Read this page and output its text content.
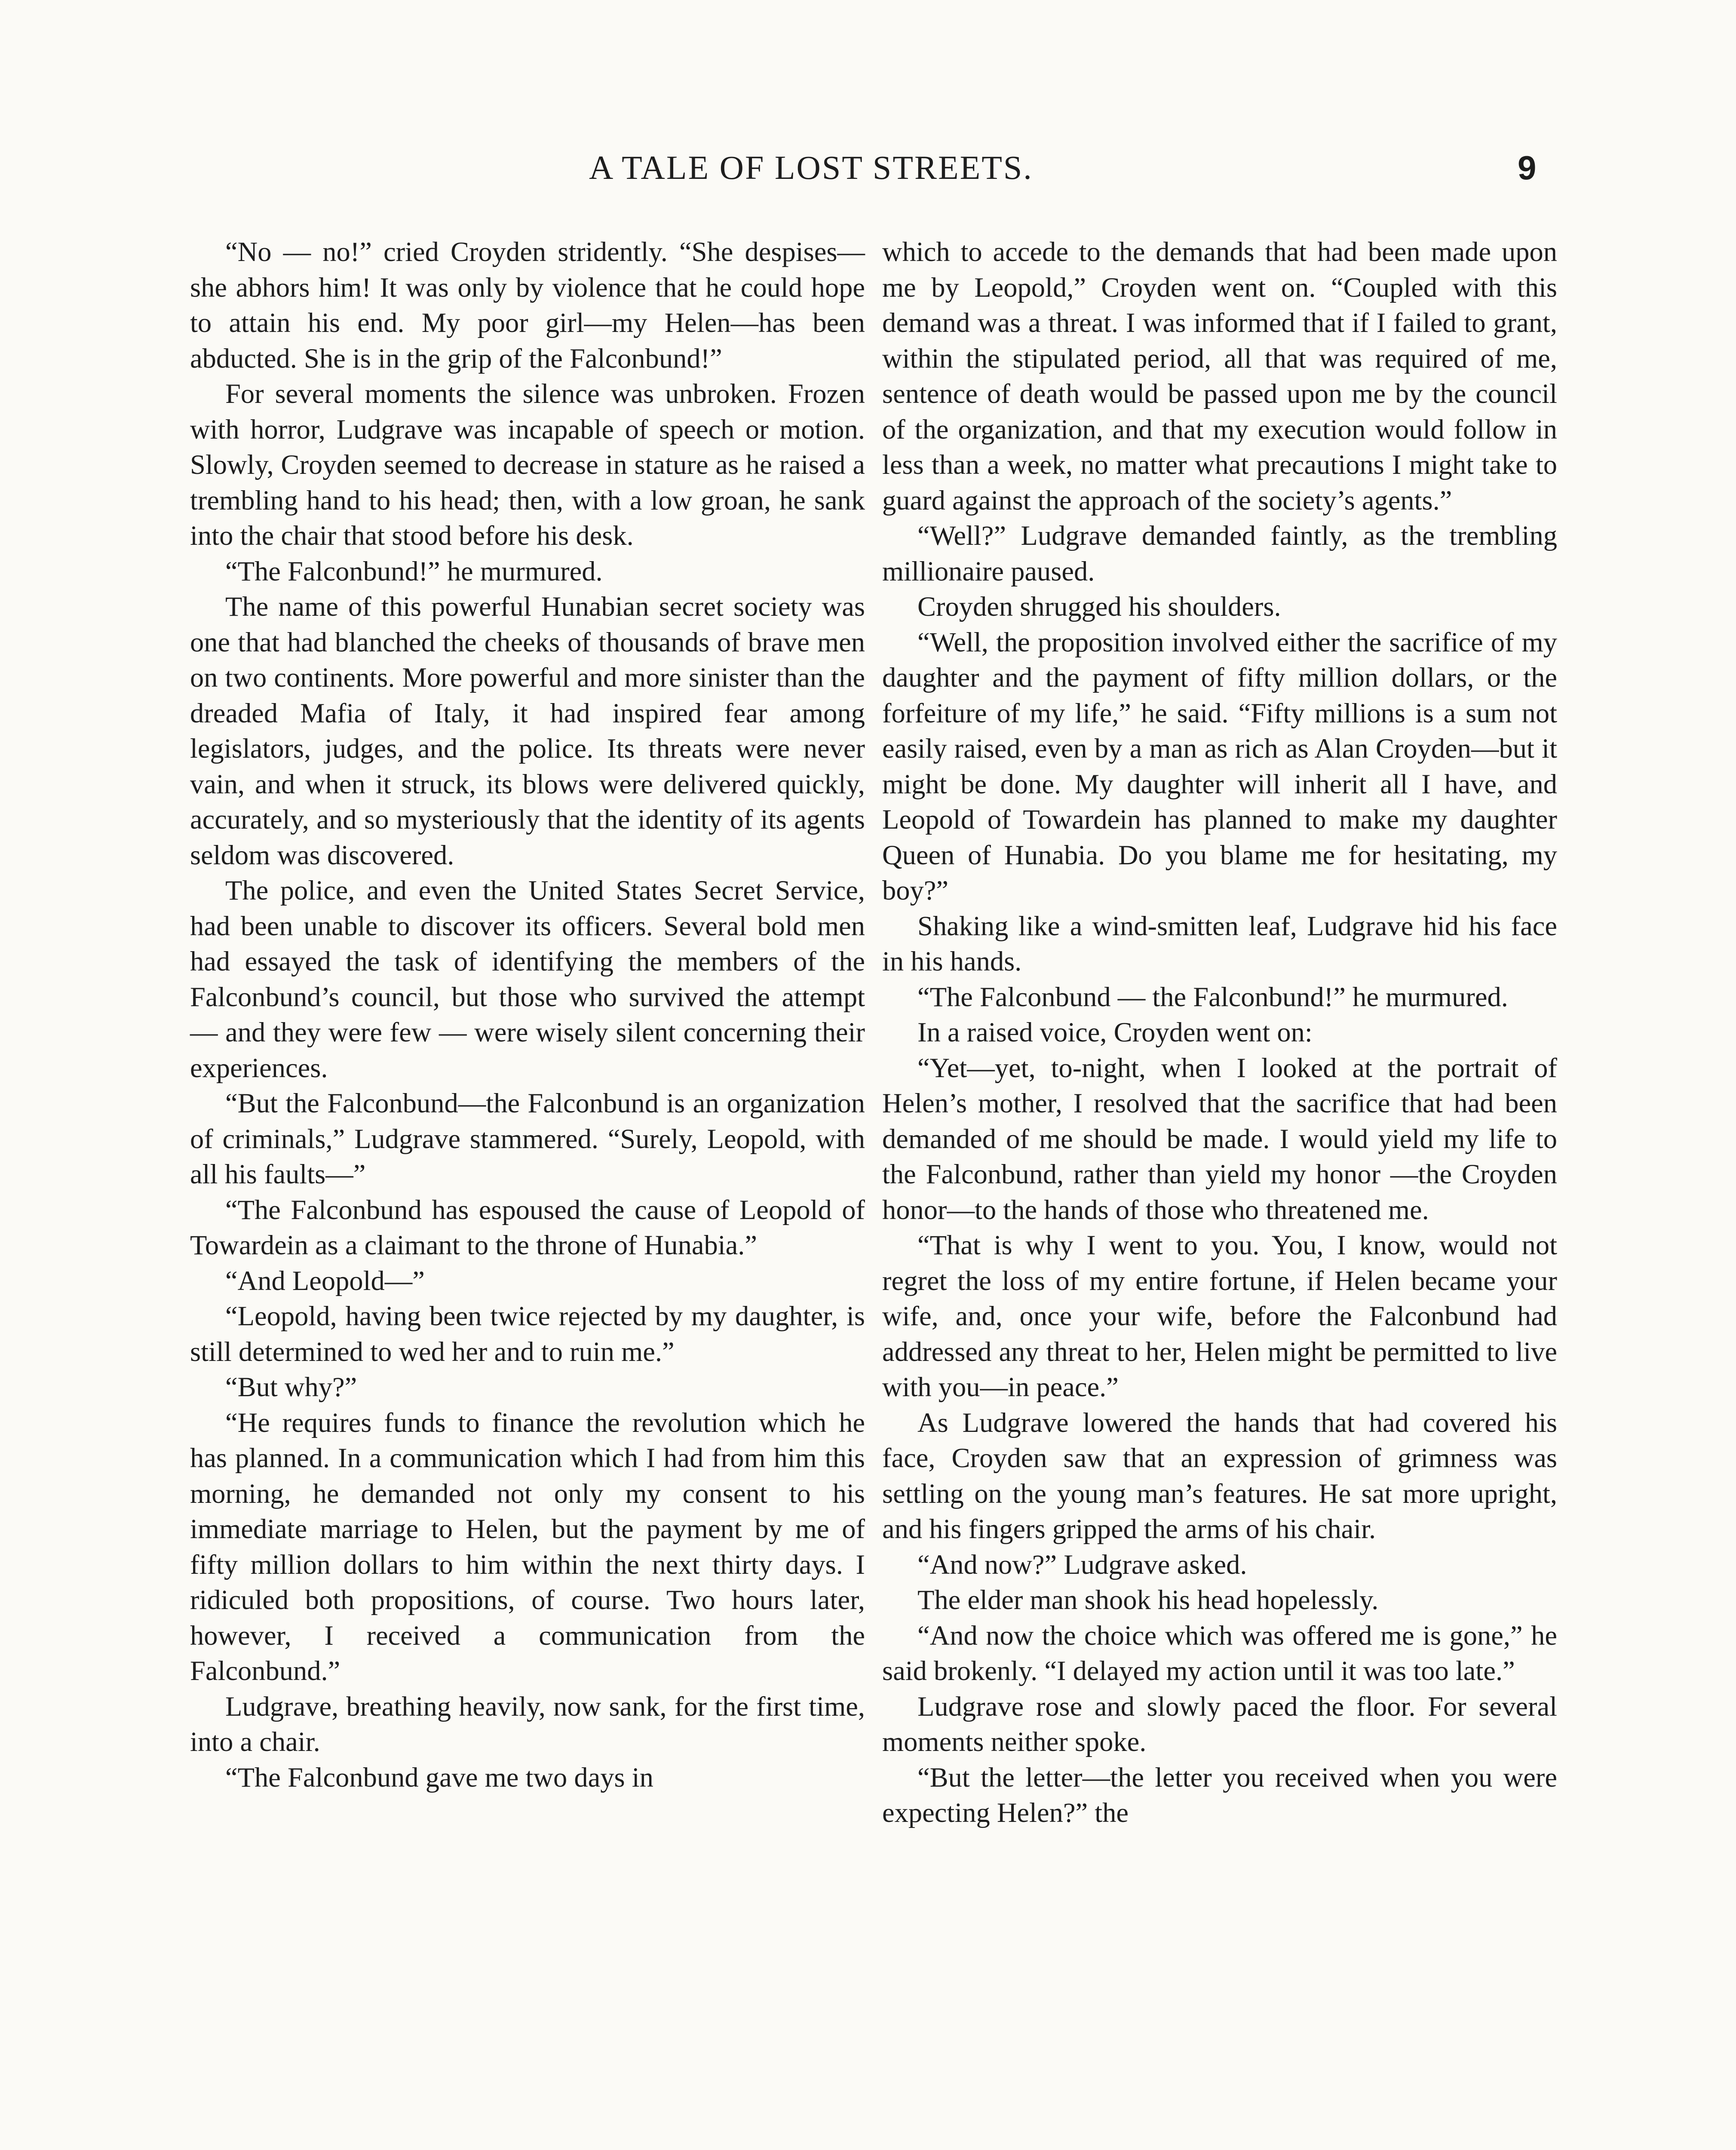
A TALE OF LOST STREETS.	9

“No — no!” cried Croyden stridently. “She despises—she abhors him! It was only by violence that he could hope to attain his end. My poor girl—my Helen—has been abducted. She is in the grip of the Falconbund!”

For several moments the silence was unbroken. Frozen with horror, Ludgrave was incapable of speech or motion. Slowly, Croyden seemed to decrease in stature as he raised a trembling hand to his head; then, with a low groan, he sank into the chair that stood before his desk.

“The Falconbund!” he murmured.

The name of this powerful Hunabian secret society was one that had blanched the cheeks of thousands of brave men on two continents. More powerful and more sinister than the dreaded Mafia of Italy, it had inspired fear among legislators, judges, and the police. Its threats were never vain, and when it struck, its blows were delivered quickly, accurately, and so mysteriously that the identity of its agents seldom was discovered.

The police, and even the United States Secret Service, had been unable to discover its officers. Several bold men had essayed the task of identifying the members of the Falconbund’s council, but those who survived the attempt — and they were few — were wisely silent concerning their experiences.

“But the Falconbund—the Falconbund is an organization of criminals,” Ludgrave stammered. “Surely, Leopold, with all his faults—”

“The Falconbund has espoused the cause of Leopold of Towardein as a claimant to the throne of Hunabia.”

“And Leopold—”

“Leopold, having been twice rejected by my daughter, is still determined to wed her and to ruin me.”

“But why?”

“He requires funds to finance the revolution which he has planned. In a communication which I had from him this morning, he demanded not only my consent to his immediate marriage to Helen, but the payment by me of fifty million dollars to him within the next thirty days. I ridiculed both propositions, of course. Two hours later, however, I received a communication from the Falconbund.”

Ludgrave, breathing heavily, now sank, for the first time, into a chair.

“The Falconbund gave me two days in

which to accede to the demands that had been made upon me by Leopold,” Croyden went on. “Coupled with this demand was a threat. I was informed that if I failed to grant, within the stipulated period, all that was required of me, sentence of death would be passed upon me by the council of the organization, and that my execution would follow in less than a week, no matter what precautions I might take to guard against the approach of the society’s agents.”

“Well?” Ludgrave demanded faintly, as the trembling millionaire paused.

Croyden shrugged his shoulders.

“Well, the proposition involved either the sacrifice of my daughter and the payment of fifty million dollars, or the forfeiture of my life,” he said. “Fifty millions is a sum not easily raised, even by a man as rich as Alan Croyden—but it might be done. My daughter will inherit all I have, and Leopold of Towardein has planned to make my daughter Queen of Hunabia. Do you blame me for hesitating, my boy?”

Shaking like a wind-smitten leaf, Ludgrave hid his face in his hands.

“The Falconbund — the Falconbund!” he murmured.

In a raised voice, Croyden went on:

“Yet—yet, to-night, when I looked at the portrait of Helen’s mother, I resolved that the sacrifice that had been demanded of me should be made. I would yield my life to the Falconbund, rather than yield my honor —the Croyden honor—to the hands of those who threatened me.

“That is why I went to you. You, I know, would not regret the loss of my entire fortune, if Helen became your wife, and, once your wife, before the Falconbund had addressed any threat to her, Helen might be permitted to live with you—in peace.”

As Ludgrave lowered the hands that had covered his face, Croyden saw that an expression of grimness was settling on the young man’s features. He sat more upright, and his fingers gripped the arms of his chair.

“And now?” Ludgrave asked.

The elder man shook his head hopelessly.

“And now the choice which was offered me is gone,” he said brokenly. “I delayed my action until it was too late.”

Ludgrave rose and slowly paced the floor. For several moments neither spoke.

“But the letter—the letter you received when you were expecting Helen?” the
